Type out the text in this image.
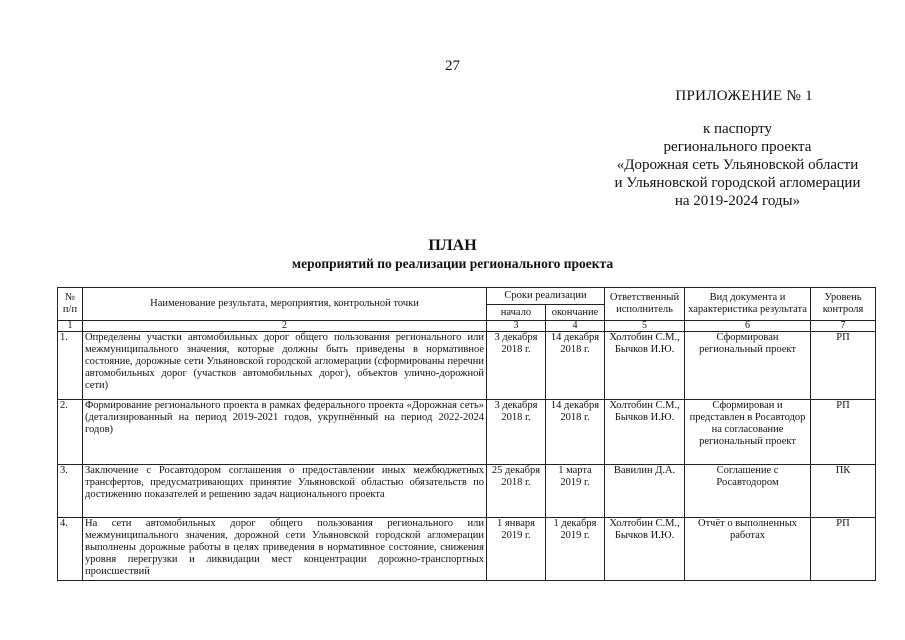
27
ПРИЛОЖЕНИЕ № 1
к паспорту
регионального проекта
«Дорожная сеть Ульяновской области
и Ульяновской городской агломерации
на 2019-2024 годы»
ПЛАН
мероприятий по реализации регионального проекта
№ п/п	Наименование результата, мероприятия, контрольной точки	Сроки реализации		Ответственный исполнитель	Вид документа и характеристика результата	Уровень контроля
		начало	окончание			
1	2	3	4	5	6	7
1.	Определены участки автомобильных дорог общего пользования регионального или межмуниципального значения, которые должны быть приведены в нормативное состояние, дорожные сети Ульяновской городской агломерации (сформированы перечни автомобильных дорог (участков автомобильных дорог), объектов улично-дорожной сети)	3 декабря 2018 г.	14 декабря 2018 г.	Холтобин С.М., Бычков И.Ю.	Сформирован региональный проект	РП
2.	Формирование регионального проекта в рамках федерального проекта «Дорожная сеть» (детализированный на период 2019-2021 годов, укрупнённый на период 2022-2024 годов)	3 декабря 2018 г.	14 декабря 2018 г.	Холтобин С.М., Бычков И.Ю.	Сформирован и представлен в Росавтодор на согласование региональный проект	РП
3.	Заключение с Росавтодором соглашения о предоставлении иных межбюджетных трансфертов, предусматривающих принятие Ульяновской областью обязательств по достижению показателей и решению задач национального проекта	25 декабря 2018 г.	1 марта 2019 г.	Вавилин Д.А.	Соглашение с Росавтодором	ПК
4.	На сети автомобильных дорог общего пользования регионального или межмуниципального значения, дорожной сети Ульяновской городской агломерации выполнены дорожные работы в целях приведения в нормативное состояние, снижения уровня перегрузки и ликвидации мест концентрации дорожно-транспортных происшествий	1 января 2019 г.	1 декабря 2019 г.	Холтобин С.М., Бычков И.Ю.	Отчёт о выполненных работах	РП
